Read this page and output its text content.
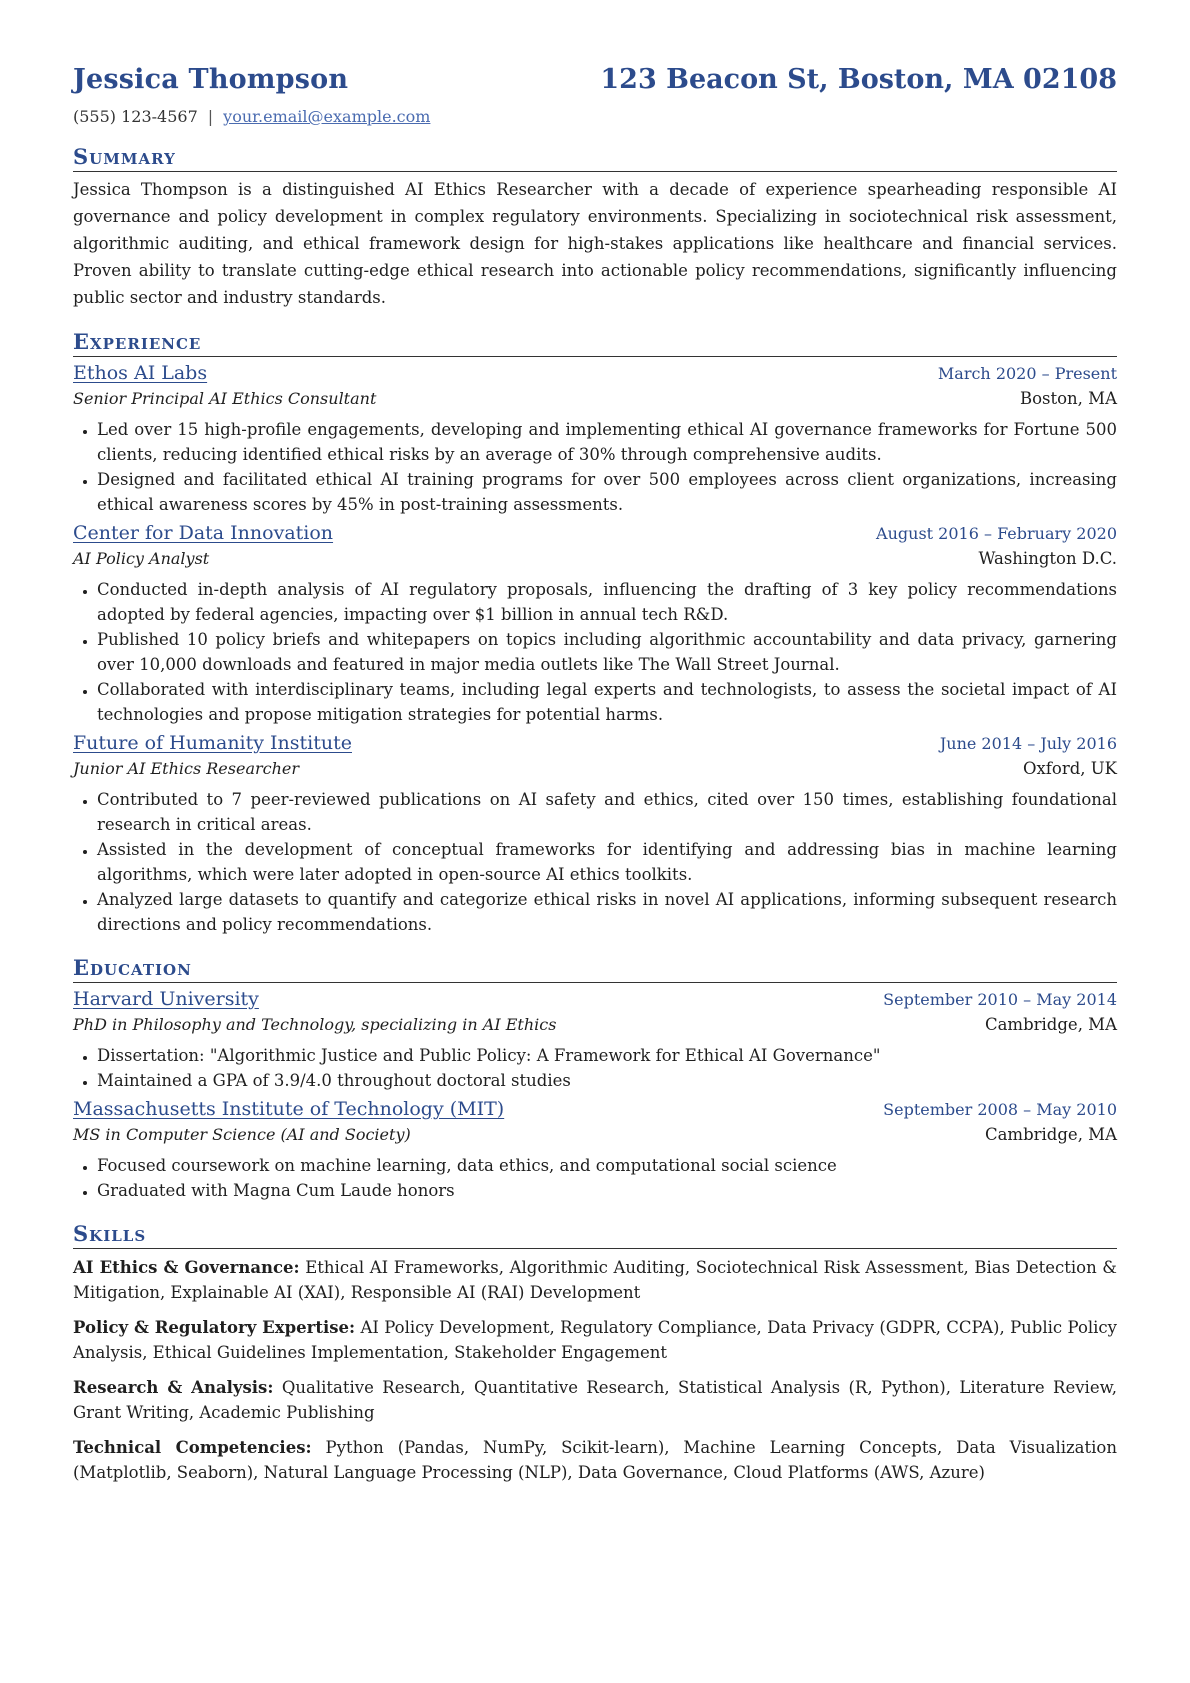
Jessica Thompson	123 Beacon St, Boston, MA 02108
(555) 123-4567 | your.email@example.com
Summary
Jessica Thompson is a distinguished AI Ethics Researcher with a decade of experience spearheading responsible AI governance and policy development in complex regulatory environments. Specializing in sociotechnical risk assessment, algorithmic auditing, and ethical framework design for high-stakes applications like healthcare and financial services. Proven ability to translate cutting-edge ethical research into actionable policy recommendations, significantly influencing public sector and industry standards.
Experience
Ethos AI Labs	March 2020 – Present
Senior Principal AI Ethics Consultant	Boston, MA
• Led over 15 high-profile engagements, developing and implementing ethical AI governance frameworks for Fortune 500 clients, reducing identified ethical risks by an average of 30% through comprehensive audits.
• Designed and facilitated ethical AI training programs for over 500 employees across client organizations, increasing ethical awareness scores by 45% in post-training assessments.
Center for Data Innovation	August 2016 – February 2020
AI Policy Analyst	Washington D.C.
• Conducted in-depth analysis of AI regulatory proposals, influencing the drafting of 3 key policy recommendations adopted by federal agencies, impacting over $1 billion in annual tech R&D.
• Published 10 policy briefs and whitepapers on topics including algorithmic accountability and data privacy, garnering over 10,000 downloads and featured in major media outlets like The Wall Street Journal.
• Collaborated with interdisciplinary teams, including legal experts and technologists, to assess the societal impact of AI technologies and propose mitigation strategies for potential harms.
Future of Humanity Institute	June 2014 – July 2016
Junior AI Ethics Researcher	Oxford, UK
• Contributed to 7 peer-reviewed publications on AI safety and ethics, cited over 150 times, establishing foundational research in critical areas.
• Assisted in the development of conceptual frameworks for identifying and addressing bias in machine learning algorithms, which were later adopted in open-source AI ethics toolkits.
• Analyzed large datasets to quantify and categorize ethical risks in novel AI applications, informing subsequent research directions and policy recommendations.
Education
Harvard University	September 2010 – May 2014
PhD in Philosophy and Technology, specializing in AI Ethics	Cambridge, MA
• Dissertation: "Algorithmic Justice and Public Policy: A Framework for Ethical AI Governance"
• Maintained a GPA of 3.9/4.0 throughout doctoral studies
Massachusetts Institute of Technology (MIT)	September 2008 – May 2010
MS in Computer Science (AI and Society)	Cambridge, MA
• Focused coursework on machine learning, data ethics, and computational social science
• Graduated with Magna Cum Laude honors
Skills
AI Ethics & Governance: Ethical AI Frameworks, Algorithmic Auditing, Sociotechnical Risk Assessment, Bias Detection & Mitigation, Explainable AI (XAI), Responsible AI (RAI) Development
Policy & Regulatory Expertise: AI Policy Development, Regulatory Compliance, Data Privacy (GDPR, CCPA), Public Policy Analysis, Ethical Guidelines Implementation, Stakeholder Engagement
Research & Analysis: Qualitative Research, Quantitative Research, Statistical Analysis (R, Python), Literature Review, Grant Writing, Academic Publishing
Technical Competencies: Python (Pandas, NumPy, Scikit-learn), Machine Learning Concepts, Data Visualization (Matplotlib, Seaborn), Natural Language Processing (NLP), Data Governance, Cloud Platforms (AWS, Azure)
